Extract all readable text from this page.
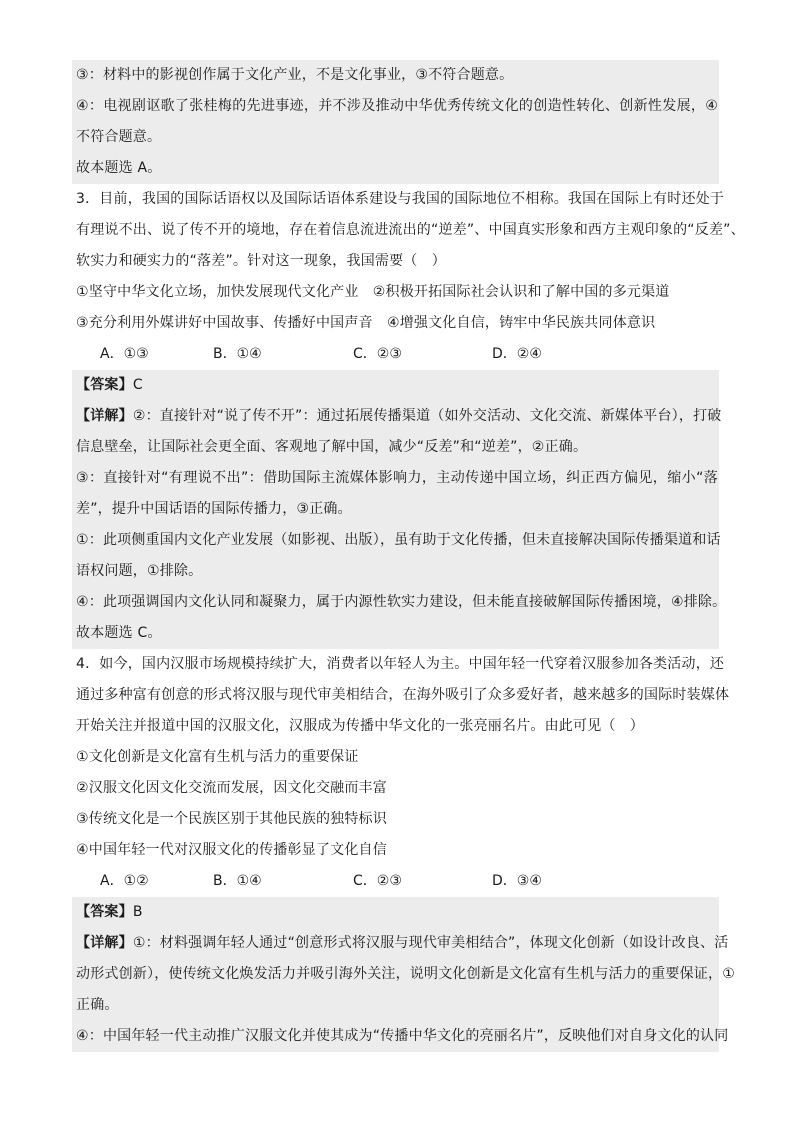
③：材料中的影视创作属于文化产业，不是文化事业，③不符合题意。
④：电视剧讴歌了张桂梅的先进事迹，并不涉及推动中华优秀传统文化的创造性转化、创新性发展，④
不符合题意。
故本题选 A。
3．目前，我国的国际话语权以及国际话语体系建设与我国的国际地位不相称。我国在国际上有时还处于
有理说不出、说了传不开的境地，存在着信息流进流出的“逆差”、中国真实形象和西方主观印象的“反差”、
软实力和硬实力的“落差”。针对这一现象，我国需要（　）
①坚守中华文化立场，加快发展现代文化产业　②积极开拓国际社会认识和了解中国的多元渠道
③充分利用外媒讲好中国故事、传播好中国声音　④增强文化自信，铸牢中华民族共同体意识
A．①③	B．①④	C．②③	D．②④
【答案】C
【详解】②：直接针对“说了传不开”：通过拓展传播渠道（如外交活动、文化交流、新媒体平台），打破
信息壁垒，让国际社会更全面、客观地了解中国，减少“反差”和“逆差”，②正确。
③：直接针对“有理说不出”：借助国际主流媒体影响力，主动传递中国立场，纠正西方偏见，缩小“落
差”，提升中国话语的国际传播力，③正确。
①：此项侧重国内文化产业发展（如影视、出版），虽有助于文化传播，但未直接解决国际传播渠道和话
语权问题，①排除。
④：此项强调国内文化认同和凝聚力，属于内源性软实力建设，但未能直接破解国际传播困境，④排除。
故本题选 C。
4．如今，国内汉服市场规模持续扩大，消费者以年轻人为主。中国年轻一代穿着汉服参加各类活动，还
通过多种富有创意的形式将汉服与现代审美相结合，在海外吸引了众多爱好者，越来越多的国际时装媒体
开始关注并报道中国的汉服文化，汉服成为传播中华文化的一张亮丽名片。由此可见（　）
①文化创新是文化富有生机与活力的重要保证
②汉服文化因文化交流而发展，因文化交融而丰富
③传统文化是一个民族区别于其他民族的独特标识
④中国年轻一代对汉服文化的传播彰显了文化自信
A．①②	B．①④	C．②③	D．③④
【答案】B
【详解】①：材料强调年轻人通过“创意形式将汉服与现代审美相结合”，体现文化创新（如设计改良、活
动形式创新），使传统文化焕发活力并吸引海外关注，说明文化创新是文化富有生机与活力的重要保证，①
正确。
④：中国年轻一代主动推广汉服文化并使其成为“传播中华文化的亮丽名片”，反映他们对自身文化的认同
